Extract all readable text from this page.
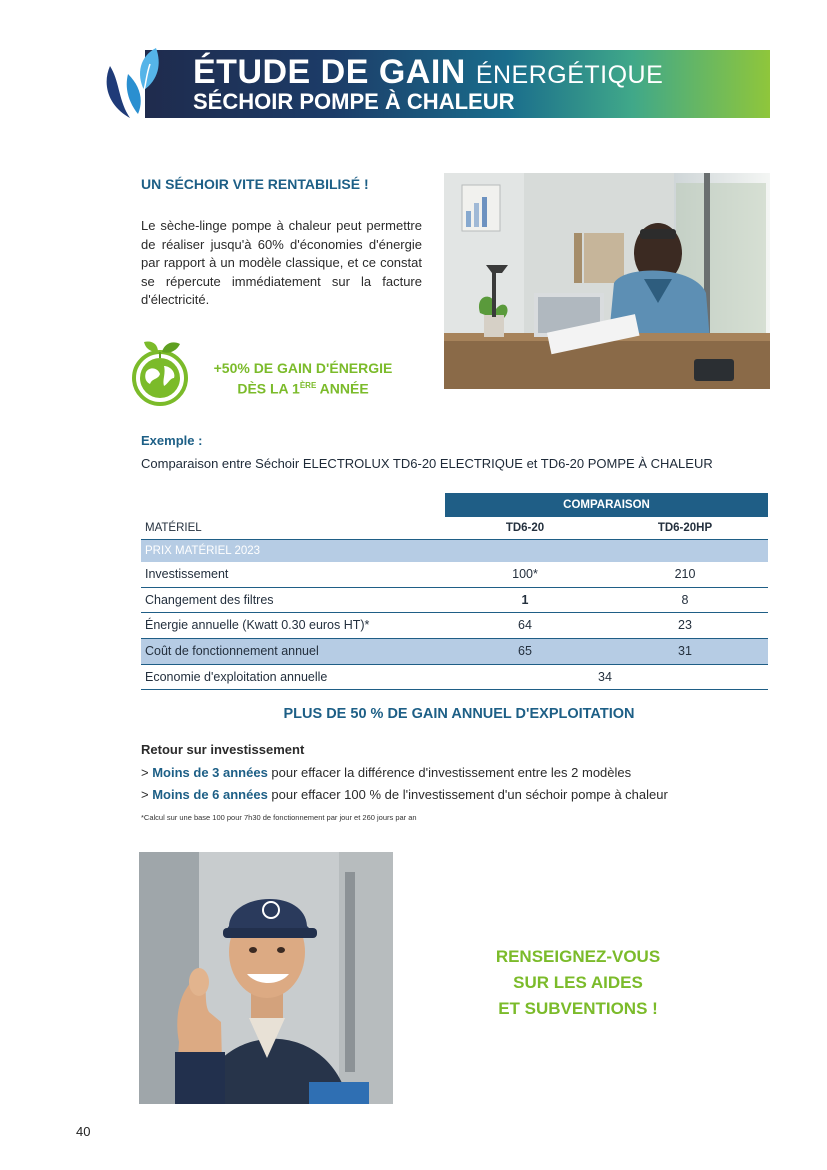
ÉTUDE DE GAIN ÉNERGÉTIQUE
SÉCHOIR POMPE À CHALEUR
UN SÉCHOIR VITE RENTABILISÉ !
Le sèche-linge pompe à chaleur peut permettre de réaliser jusqu'à 60% d'économies d'énergie par rapport à un modèle classique, et ce constat se répercute immédiatement sur la facture d'électricité.
+50% DE GAIN D'ÉNERGIE
DÈS LA 1ÈRE ANNÉE
Exemple :
Comparaison entre Séchoir ELECTROLUX TD6-20 ELECTRIQUE et TD6-20 POMPE À CHALEUR
COMPARAISON
MATÉRIEL	TD6-20	TD6-20HP
PRIX MATÉRIEL 2023
Investissement	100*	210
Changement des filtres	1	8
Énergie annuelle (Kwatt 0.30 euros HT)*	64	23
Coût de fonctionnement annuel	65	31
Economie d'exploitation annuelle	34
PLUS DE 50 % DE GAIN ANNUEL D'EXPLOITATION
Retour sur investissement
> Moins de 3 années pour effacer la différence d'investissement entre les 2 modèles
> Moins de 6 années pour effacer 100 % de l'investissement d'un séchoir pompe à chaleur
*Calcul sur une base 100 pour 7h30 de fonctionnement par jour et 260 jours par an
RENSEIGNEZ-VOUS
SUR LES AIDES
ET SUBVENTIONS !
40
